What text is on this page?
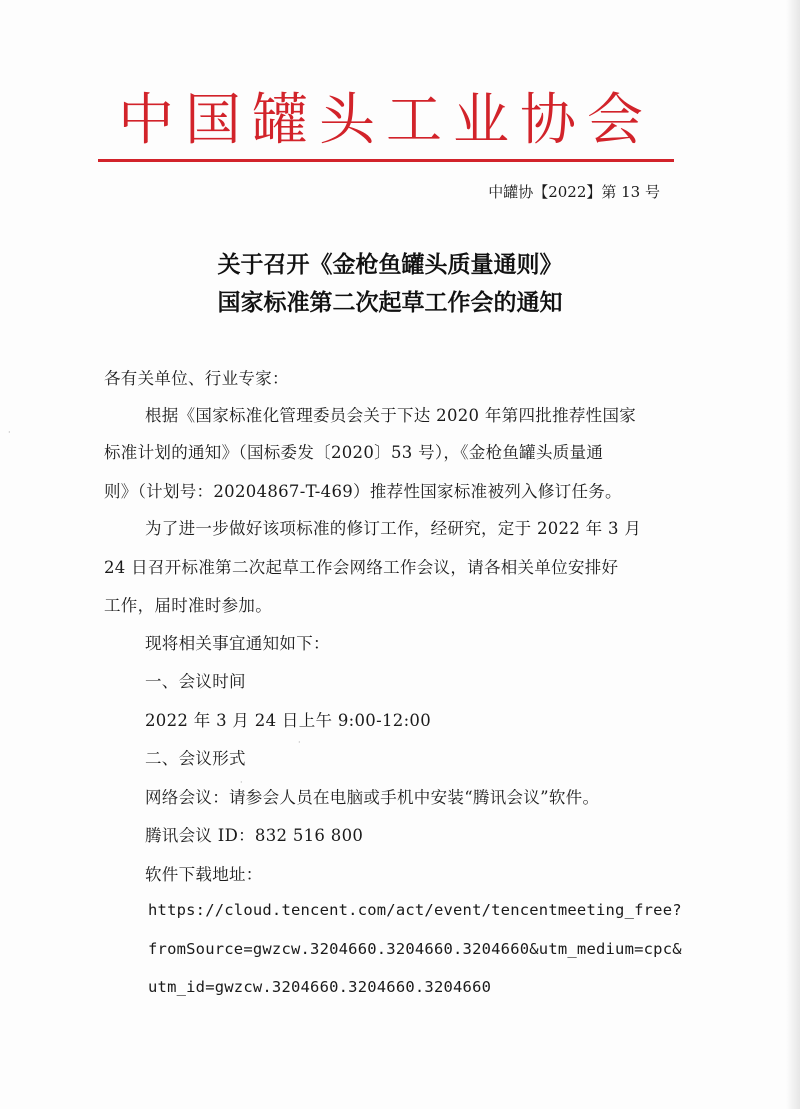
中国罐头工业协会
中罐协【2022】第 13 号
关于召开《金枪鱼罐头质量通则》
国家标准第二次起草工作会的通知
各有关单位、行业专家：
根据《国家标准化管理委员会关于下达 2020 年第四批推荐性国家
标准计划的通知》（国标委发〔2020〕53 号），《金枪鱼罐头质量通
则》（计划号：20204867-T-469）推荐性国家标准被列入修订任务。
为了进一步做好该项标准的修订工作，经研究，定于 2022 年 3 月
24 日召开标准第二次起草工作会网络工作会议，请各相关单位安排好
工作，届时准时参加。
现将相关事宜通知如下：
一、会议时间
2022 年 3 月 24 日上午 9:00-12:00
二、会议形式
网络会议：请参会人员在电脑或手机中安装“腾讯会议”软件。
腾讯会议 ID：832 516 800
软件下载地址：
https://cloud.tencent.com/act/event/tencentmeeting_free?
fromSource=gwzcw.3204660.3204660.3204660&utm_medium=cpc&
utm_id=gwzcw.3204660.3204660.3204660
·
·
·
